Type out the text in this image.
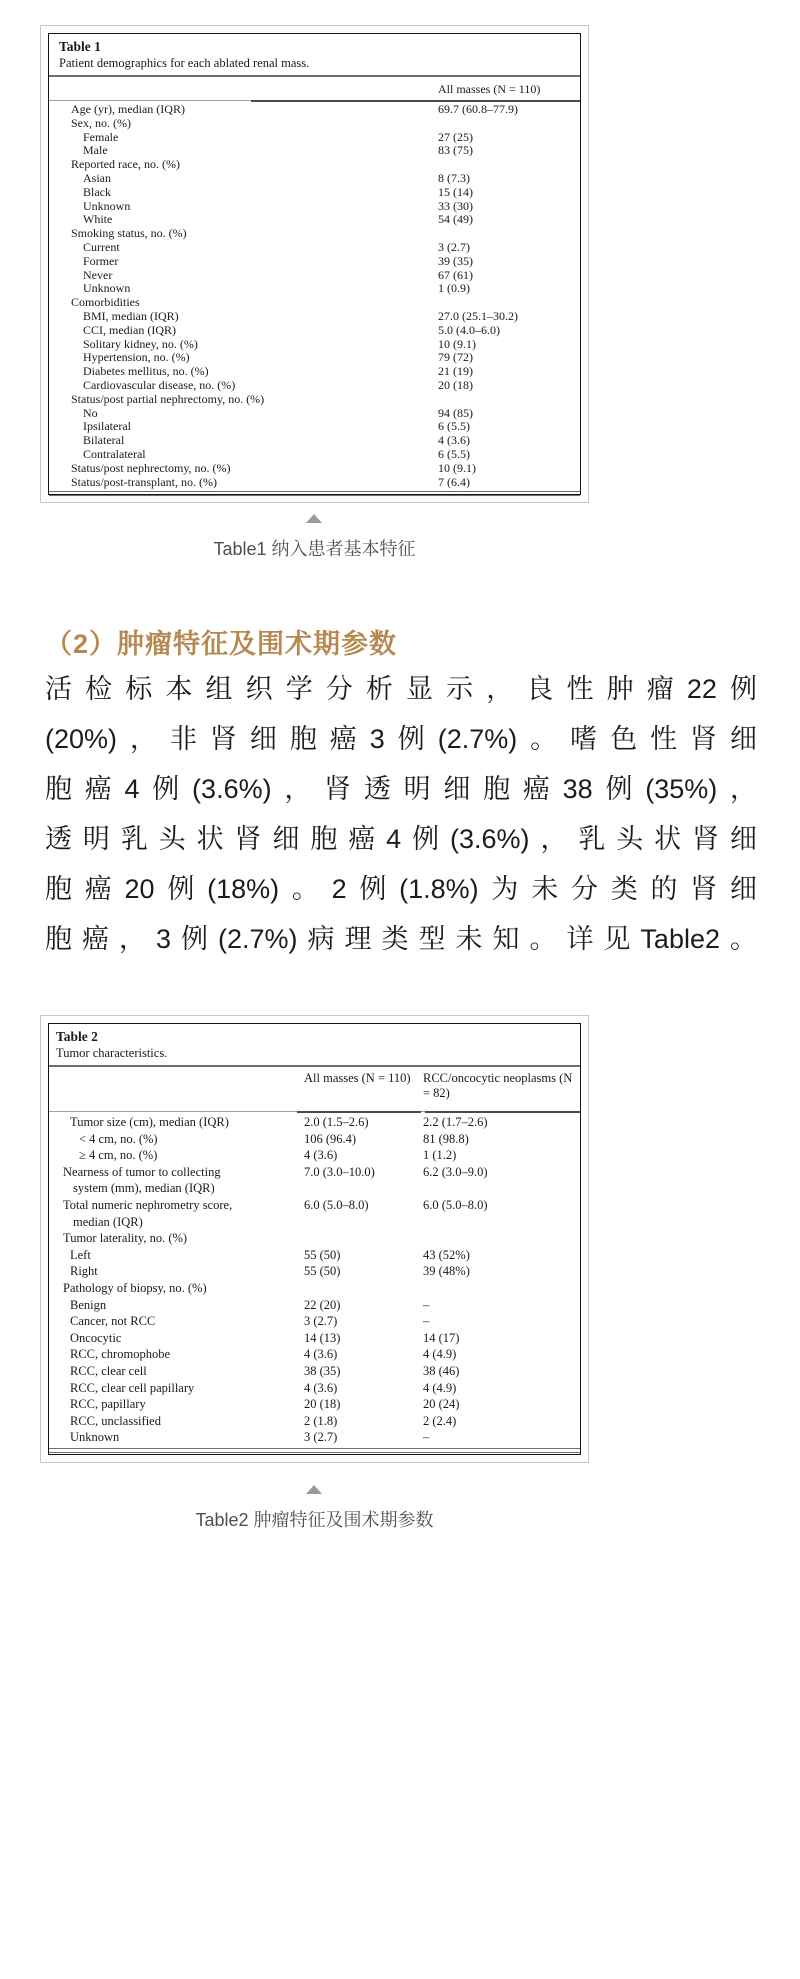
Table 1
Patient demographics for each ablated renal mass.
All masses (N = 110)
Age (yr), median (IQR)	69.7 (60.8–77.9)
Sex, no. (%)
Female	27 (25)
Male	83 (75)
Reported race, no. (%)
Asian	8 (7.3)
Black	15 (14)
Unknown	33 (30)
White	54 (49)
Smoking status, no. (%)
Current	3 (2.7)
Former	39 (35)
Never	67 (61)
Unknown	1 (0.9)
Comorbidities
BMI, median (IQR)	27.0 (25.1–30.2)
CCI, median (IQR)	5.0 (4.0–6.0)
Solitary kidney, no. (%)	10 (9.1)
Hypertension, no. (%)	79 (72)
Diabetes mellitus, no. (%)	21 (19)
Cardiovascular disease, no. (%)	20 (18)
Status/post partial nephrectomy, no. (%)
No	94 (85)
Ipsilateral	6 (5.5)
Bilateral	4 (3.6)
Contralateral	6 (5.5)
Status/post nephrectomy, no. (%)	10 (9.1)
Status/post-transplant, no. (%)	7 (6.4)
Table1 纳入患者基本特征
（2）肿瘤特征及围术期参数
活检标本组织学分析显示，良性肿瘤22例
(20%)，非肾细胞癌3例(2.7%)。嗜色性肾细
胞癌4例(3.6%)，肾透明细胞癌38例(35%)，
透明乳头状肾细胞癌4例(3.6%)，乳头状肾细
胞癌20例(18%)。2例(1.8%)为未分类的肾细
胞癌，3例(2.7%)病理类型未知。详见Table2。
Table 2
Tumor characteristics.
All masses (N = 110) RCC/oncocytic neoplasms (N = 82)
Tumor size (cm), median (IQR)	2.0 (1.5–2.6)	2.2 (1.7–2.6)
< 4 cm, no. (%)	106 (96.4)	81 (98.8)
≥ 4 cm, no. (%)	4 (3.6)	1 (1.2)
Nearness of tumor to collecting
system (mm), median (IQR)
7.0 (3.0–10.0)	6.2 (3.0–9.0)
Total numeric nephrometry score,
median (IQR)
6.0 (5.0–8.0)	6.0 (5.0–8.0)
Tumor laterality, no. (%)
Left	55 (50)	43 (52%)
Right	55 (50)	39 (48%)
Pathology of biopsy, no. (%)
Benign	22 (20)	–
Cancer, not RCC	3 (2.7)	–
Oncocytic	14 (13)	14 (17)
RCC, chromophobe	4 (3.6)	4 (4.9)
RCC, clear cell	38 (35)	38 (46)
RCC, clear cell papillary	4 (3.6)	4 (4.9)
RCC, papillary	20 (18)	20 (24)
RCC, unclassified	2 (1.8)	2 (2.4)
Unknown	3 (2.7)	–
Table2 肿瘤特征及围术期参数
